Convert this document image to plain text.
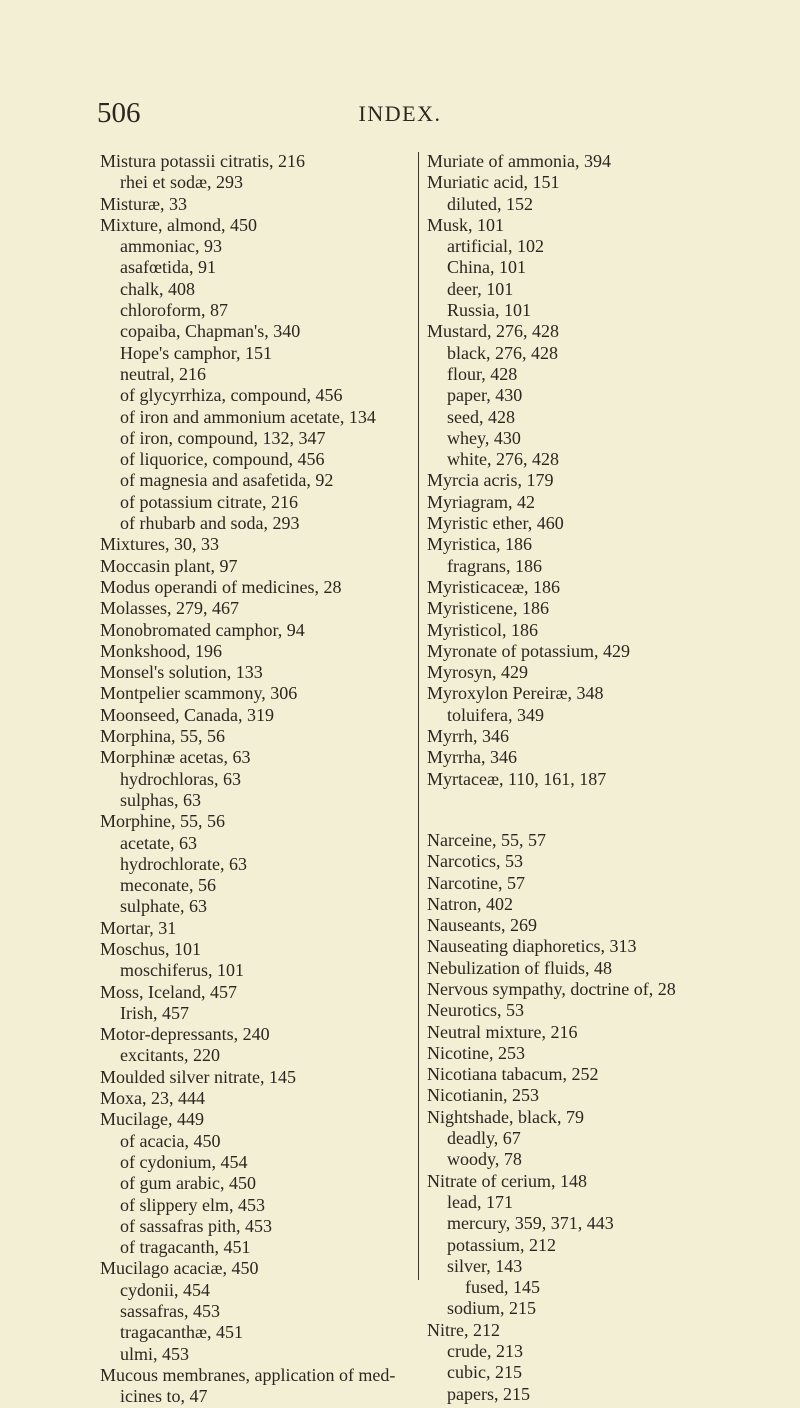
506	INDEX.
Mistura potassii citratis, 216
rhei et sodæ, 293
Misturæ, 33
Mixture, almond, 450
ammoniac, 93
asafœtida, 91
chalk, 408
chloroform, 87
copaiba, Chapman's, 340
Hope's camphor, 151
neutral, 216
of glycyrrhiza, compound, 456
of iron and ammonium acetate, 134
of iron, compound, 132, 347
of liquorice, compound, 456
of magnesia and asafetida, 92
of potassium citrate, 216
of rhubarb and soda, 293
Mixtures, 30, 33
Moccasin plant, 97
Modus operandi of medicines, 28
Molasses, 279, 467
Monobromated camphor, 94
Monkshood, 196
Monsel's solution, 133
Montpelier scammony, 306
Moonseed, Canada, 319
Morphina, 55, 56
Morphinæ acetas, 63
hydrochloras, 63
sulphas, 63
Morphine, 55, 56
acetate, 63
hydrochlorate, 63
meconate, 56
sulphate, 63
Mortar, 31
Moschus, 101
moschiferus, 101
Moss, Iceland, 457
Irish, 457
Motor-depressants, 240
excitants, 220
Moulded silver nitrate, 145
Moxa, 23, 444
Mucilage, 449
of acacia, 450
of cydonium, 454
of gum arabic, 450
of slippery elm, 453
of sassafras pith, 453
of tragacanth, 451
Mucilago acaciæ, 450
cydonii, 454
sassafras, 453
tragacanthæ, 451
ulmi, 453
Mucous membranes, application of med- icines to, 47
Muriate of ammonia, 394
Muriatic acid, 151
diluted, 152
Musk, 101
artificial, 102
China, 101
deer, 101
Russia, 101
Mustard, 276, 428
black, 276, 428
flour, 428
paper, 430
seed, 428
whey, 430
white, 276, 428
Myrcia acris, 179
Myriagram, 42
Myristic ether, 460
Myristica, 186
fragrans, 186
Myristicaceæ, 186
Myristicene, 186
Myristicol, 186
Myronate of potassium, 429
Myrosyn, 429
Myroxylon Pereiræ, 348
toluifera, 349
Myrrh, 346
Myrrha, 346
Myrtaceæ, 110, 161, 187
Narceine, 55, 57
Narcotics, 53
Narcotine, 57
Natron, 402
Nauseants, 269
Nauseating diaphoretics, 313
Nebulization of fluids, 48
Nervous sympathy, doctrine of, 28
Neurotics, 53
Neutral mixture, 216
Nicotine, 253
Nicotiana tabacum, 252
Nicotianin, 253
Nightshade, black, 79
deadly, 67
woody, 78
Nitrate of cerium, 148
lead, 171
mercury, 359, 371, 443
potassium, 212
silver, 143
fused, 145
sodium, 215
Nitre, 212
crude, 213
cubic, 215
papers, 215
